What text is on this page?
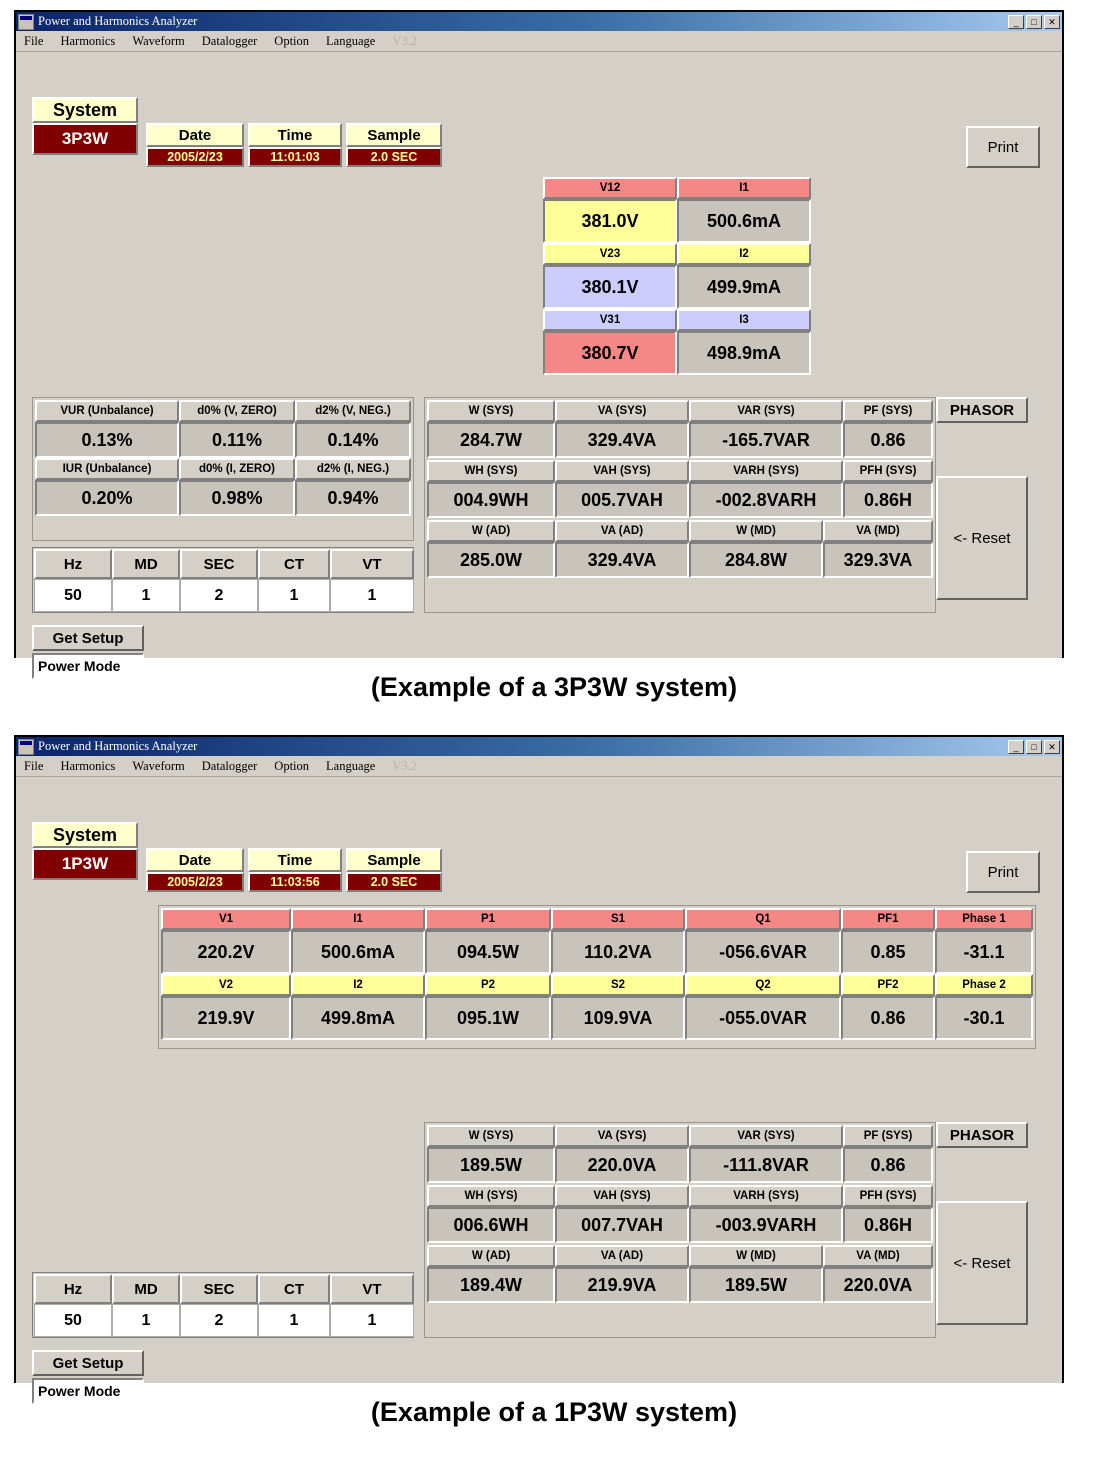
Power and Harmonics Analyzer	_	□	✕
File Harmonics Waveform Datalogger Option Language V3.2
System
3P3W	Date
2005/2/23
Time
11:01:03
Sample
2.0 SEC
Print
V12	I1
381.0V	500.6mA
V23	I2
380.1V	499.9mA
V31	I3
380.7V	498.9mA
VUR (Unbalance)	d0% (V, ZERO)	d2% (V, NEG.)
0.13%	0.11%	0.14%
IUR (Unbalance)	d0% (I, ZERO)	d2% (I, NEG.)
0.20%	0.98%	0.94%
Hz	MD	SEC	CT	VT
50	1	2	1	1
W (SYS)	VA (SYS)	VAR (SYS)	PF (SYS)
284.7W	329.4VA	-165.7VAR	0.86
WH (SYS)	VAH (SYS)	VARH (SYS)	PFH (SYS)
004.9WH	005.7VAH	-002.8VARH	0.86H
W (AD)	VA (AD)	W (MD)	VA (MD)
285.0W	329.4VA	284.8W	329.3VA
PHASOR
<- Reset
Get Setup
Power Mode
(Example of a 3P3W system)
Power and Harmonics Analyzer	_	□	✕
File Harmonics Waveform Datalogger Option Language V3.2
System
1P3W	Date
2005/2/23
Time
11:03:56
Sample
2.0 SEC
Print
V1	I1	P1	S1	Q1	PF1	Phase 1
220.2V	500.6mA	094.5W	110.2VA	-056.6VAR	0.85	-31.1
V2	I2	P2	S2	Q2	PF2	Phase 2
219.9V	499.8mA	095.1W	109.9VA	-055.0VAR	0.86	-30.1
W (SYS)	VA (SYS)	VAR (SYS)	PF (SYS)
189.5W	220.0VA	-111.8VAR	0.86
WH (SYS)	VAH (SYS)	VARH (SYS)	PFH (SYS)
006.6WH	007.7VAH	-003.9VARH	0.86H
W (AD)	VA (AD)	W (MD)	VA (MD)
189.4W	219.9VA	189.5W	220.0VA
PHASOR
<- Reset
Hz	MD	SEC	CT	VT
50	1	2	1	1
Get Setup
Power Mode
(Example of a 1P3W system)
